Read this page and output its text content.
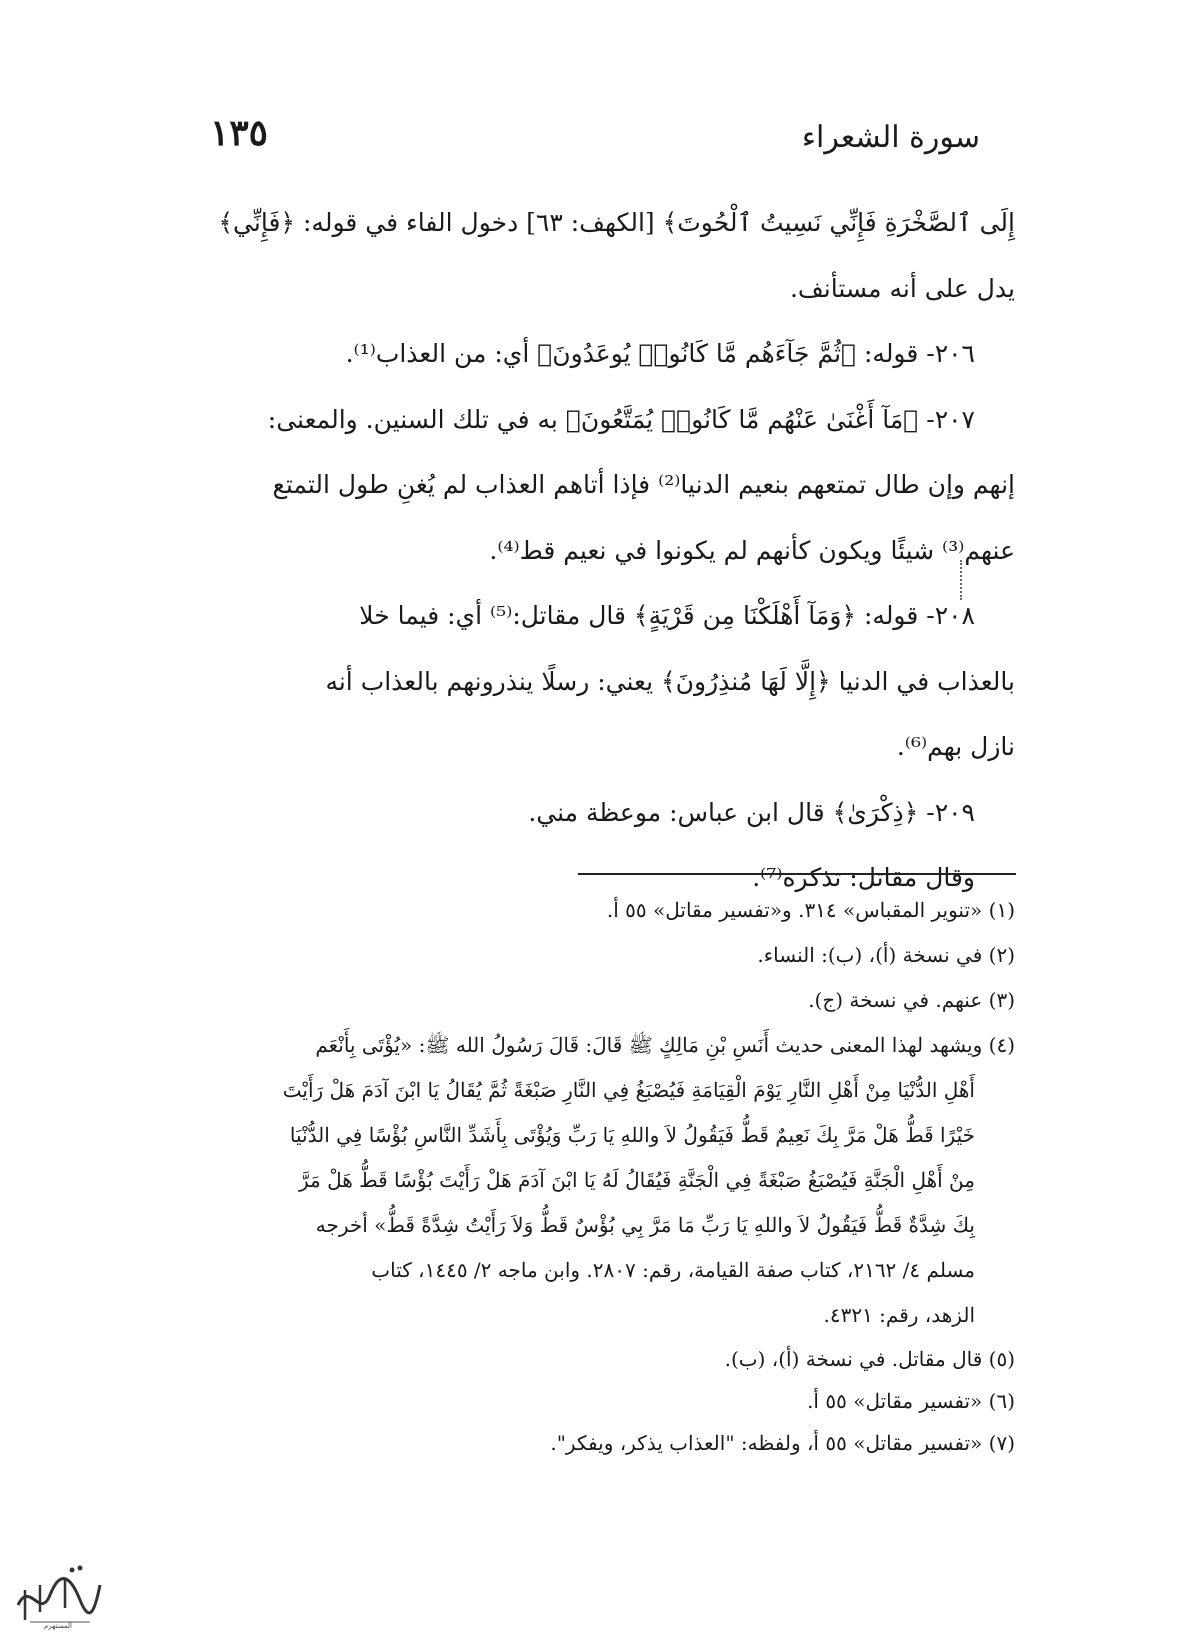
سورة الشعراء
١٣٥
إِلَى ٱلصَّخْرَةِ فَإِنِّي نَسِيتُ ٱلْحُوتَ﴾ [الكهف: ٦٣] دخول الفاء في قوله: ﴿فَإِنِّي﴾
يدل على أنه مستأنف.
٢٠٦- قوله: ﴿ثُمَّ جَآءَهُم مَّا كَانُوا۟ يُوعَدُونَ﴾ أي: من العذاب⁽¹⁾.
٢٠٧- ﴿مَآ أَغْنَىٰ عَنْهُم مَّا كَانُوا۟ يُمَتَّعُونَ﴾ به في تلك السنين. والمعنى:
إنهم وإن طال تمتعهم بنعيم الدنيا⁽²⁾ فإذا أتاهم العذاب لم يُغنِ طول التمتع
عنهم⁽³⁾ شيئًا ويكون كأنهم لم يكونوا في نعيم قط⁽⁴⁾.
٢٠٨- قوله: ﴿وَمَآ أَهْلَكْنَا مِن قَرْيَةٍ﴾ قال مقاتل:⁽⁵⁾ أي: فيما خلا
بالعذاب في الدنيا ﴿إِلَّا لَهَا مُنذِرُونَ﴾ يعني: رسلًا ينذرونهم بالعذاب أنه
نازل بهم⁽⁶⁾.
٢٠٩- ﴿ذِكْرَىٰ﴾ قال ابن عباس: موعظة مني.
وقال مقاتل: تذكرة⁽⁷⁾.
(١) «تنوير المقباس» ٣١٤. و«تفسير مقاتل» ٥٥ أ.
(٢) في نسخة (أ)، (ب): النساء.
(٣) عنهم. في نسخة (ج).
(٤) ويشهد لهذا المعنى حديث أَنَسِ بْنِ مَالِكٍ ﷺ قَالَ: قَالَ رَسُولُ الله ﷺ: «يُؤْتَى بِأَنْعَم
أَهْلِ الدُّنْيَا مِنْ أَهْلِ النَّارِ يَوْمَ الْقِيَامَةِ فَيُصْبَغُ فِي النَّارِ صَبْغَةً ثُمَّ يُقَالُ يَا ابْنَ آدَمَ هَلْ رَأَيْتَ
خَيْرًا قَطُّ هَلْ مَرَّ بِكَ نَعِيمٌ قَطُّ فَيَقُولُ لاَ واللهِ يَا رَبِّ وَيُؤْتَى بِأَشَدِّ النَّاسِ بُؤْسًا فِي الدُّنْيَا
مِنْ أَهْلِ الْجَنَّةِ فَيُصْبَغُ صَبْغَةً فِي الْجَنَّةِ فَيُقَالُ لَهُ يَا ابْنَ آدَمَ هَلْ رَأَيْتَ بُؤْسًا قَطُّ هَلْ مَرَّ
بِكَ شِدَّةٌ قَطُّ فَيَقُولُ لاَ واللهِ يَا رَبِّ مَا مَرَّ بِي بُؤْسٌ قَطُّ وَلاَ رَأَيْتُ شِدَّةً قَطُّ» أخرجه
مسلم ٤/ ٢١٦٢، كتاب صفة القيامة، رقم: ٢٨٠٧. وابن ماجه ٢/ ١٤٤٥، كتاب
الزهد، رقم: ٤٣٢١.
(٥) قال مقاتل. في نسخة (أ)، (ب).
(٦) «تفسير مقاتل» ٥٥ أ.
(٧) «تفسير مقاتل» ٥٥ أ، ولفظه: "العذاب يذكر، ويفكر".
المستهرم
